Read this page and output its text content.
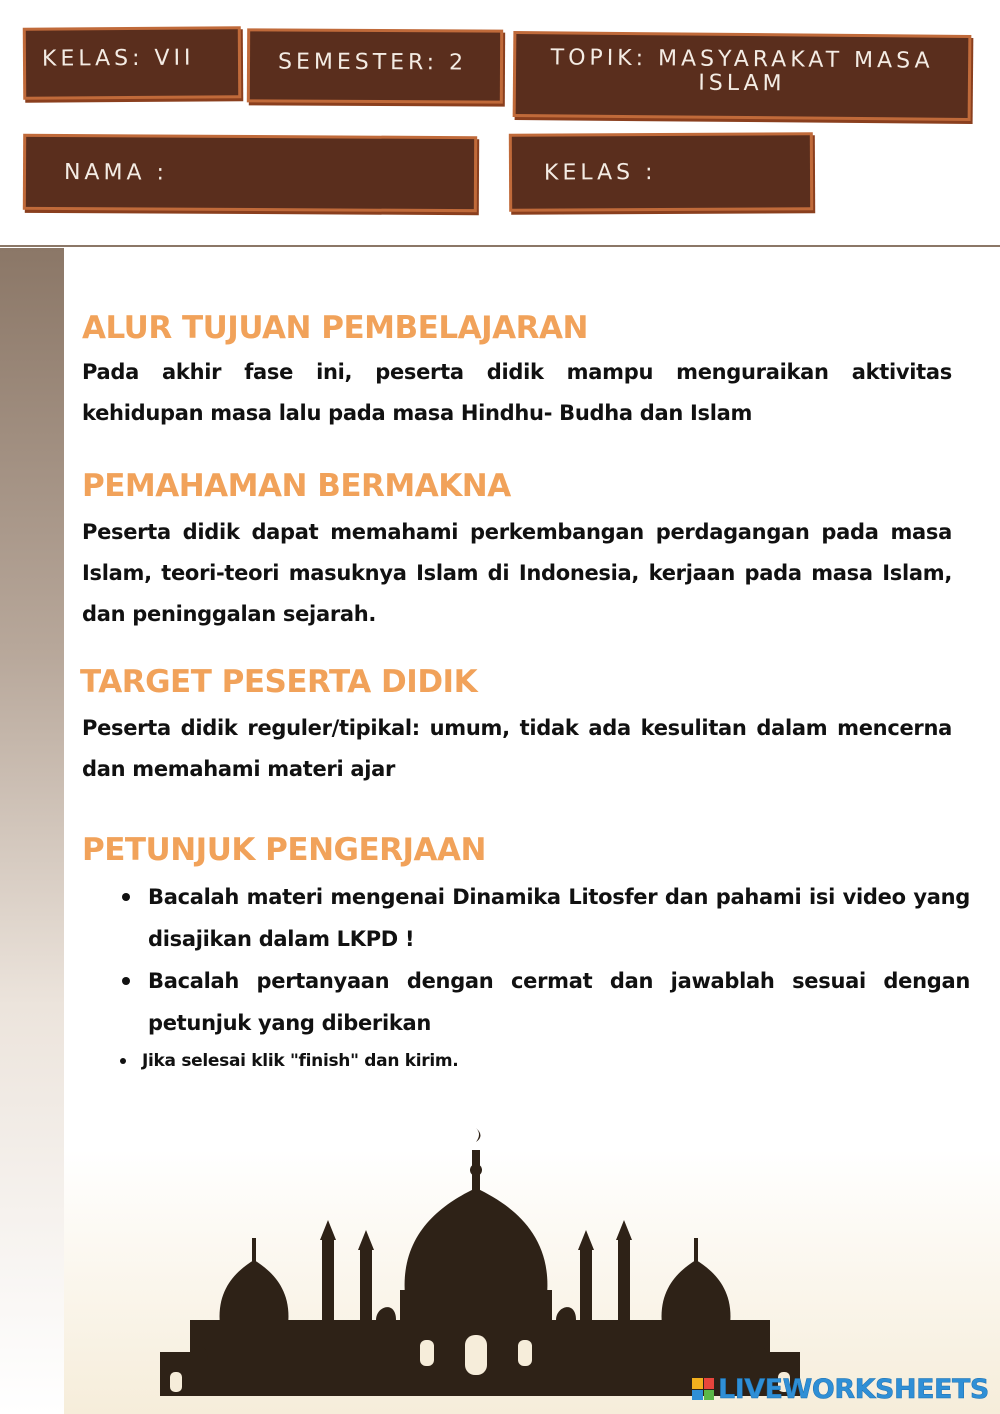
KELAS: VII	SEMESTER: 2	TOPIK: MASYARAKAT MASA
ISLAM
NAMA :	KELAS :
ALUR TUJUAN PEMBELAJARAN

Pada akhir fase ini, peserta didik mampu menguraikan aktivitas kehidupan masa lalu pada masa Hindhu- Budha dan Islam

PEMAHAMAN BERMAKNA

Peserta didik dapat memahami perkembangan perdagangan pada masa Islam, teori-teori masuknya Islam di Indonesia, kerjaan pada masa Islam, dan peninggalan sejarah.

TARGET PESERTA DIDIK

Peserta didik reguler/tipikal: umum, tidak ada kesulitan dalam mencerna dan memahami materi ajar

PETUNJUK PENGERJAAN
Bacalah materi mengenai Dinamika Litosfer dan pahami isi video yang disajikan dalam LKPD !
Bacalah pertanyaan dengan cermat dan jawablah sesuai dengan petunjuk yang diberikan
Jika selesai klik "finish" dan kirim.
LIVEWORKSHEETS
